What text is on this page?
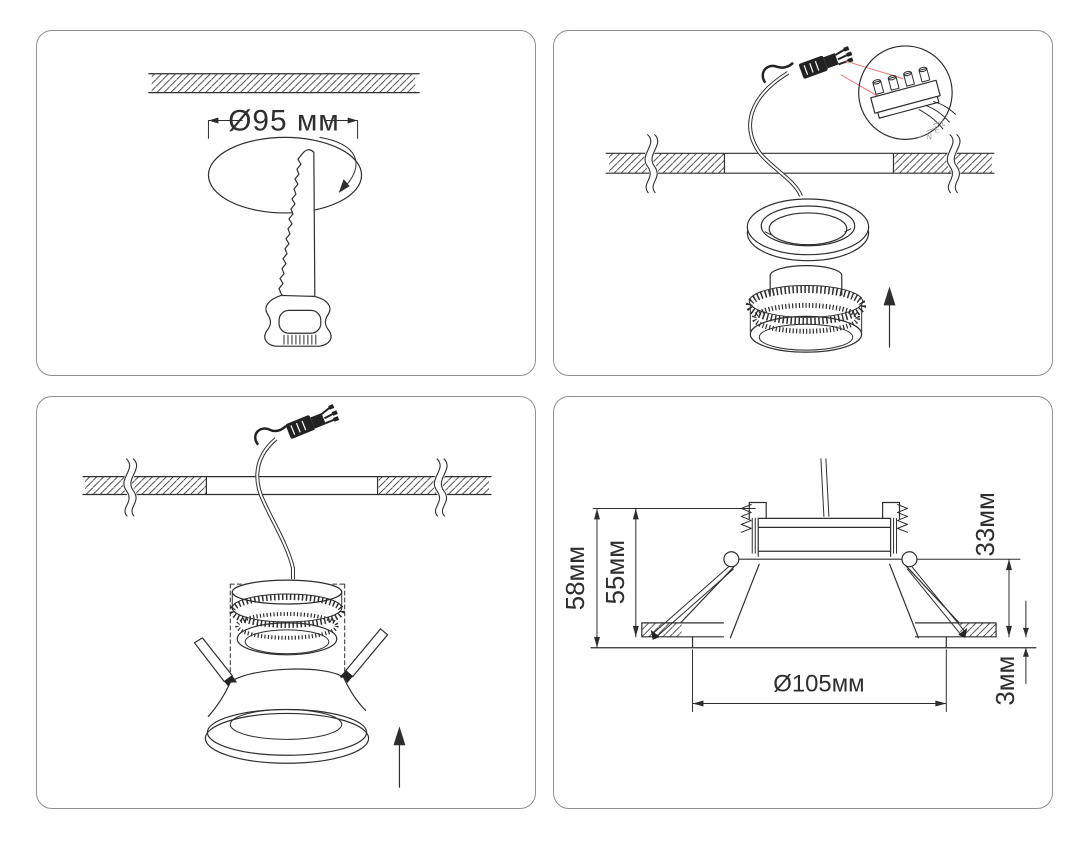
Ø95 мм	L
E
N
58мм 55мм
33мм
3мм
Ø105мм
